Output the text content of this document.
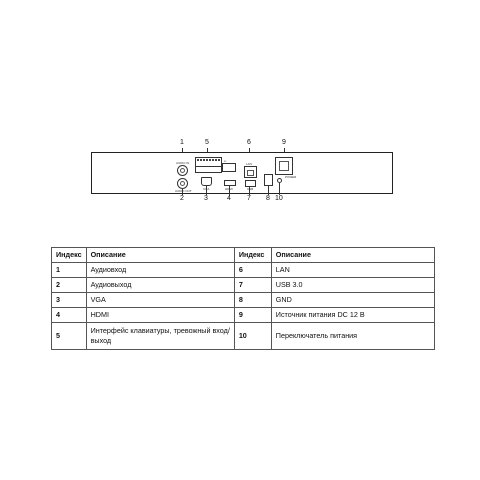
1	5	6	9
AUDIO IN
AUDIO OUT
▪▪
VGA	HDMI
LAN
USB
POWER
2	3	4 7 8 10
Индекс	Описание	Индекс	Описание
1	Аудиовход	6	LAN
2	Аудиовыход	7	USB 3.0
3	VGA	8	GND
4	HDMI	9	Источник питания DC 12 В
5	Интерфейс клавиатуры, тревожный вход/выход	10	Переключатель питания
